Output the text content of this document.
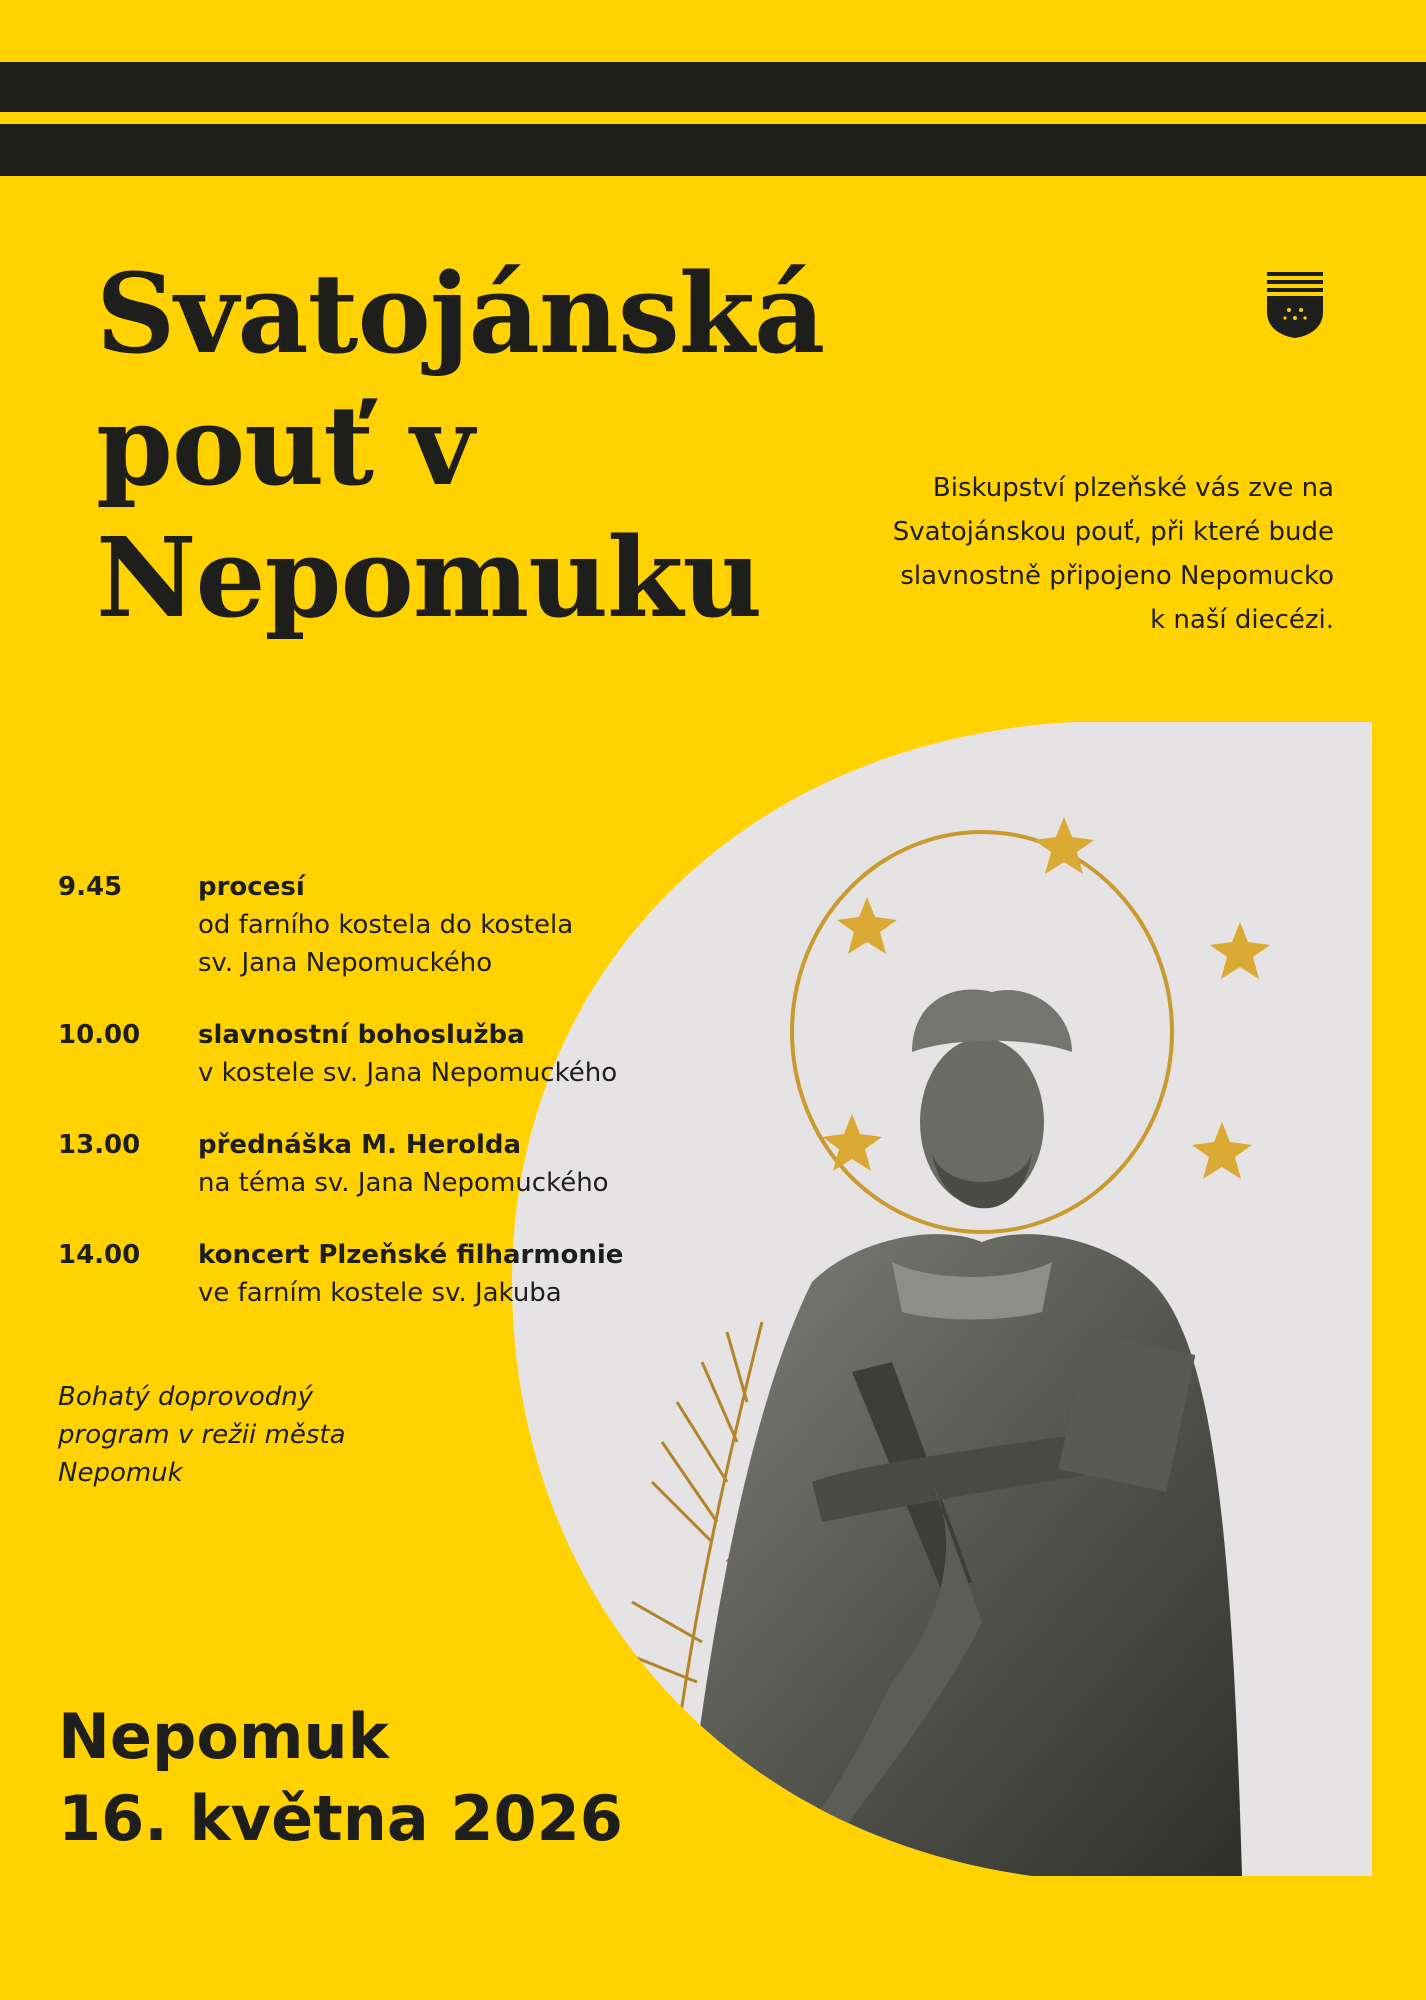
Svatojánská
pouť v
Nepomuku
Biskupství plzeňské vás zve na
Svatojánskou pouť, při které bude
slavnostně připojeno Nepomucko
k naší diecézi.
9.45	procesí
od farního kostela do kostela
sv. Jana Nepomuckého
10.00	slavnostní bohoslužba
v kostele sv. Jana Nepomuckého
13.00	přednáška M. Herolda
na téma sv. Jana Nepomuckého
14.00	koncert Plzeňské filharmonie
ve farním kostele sv. Jakuba
Bohatý doprovodný
program v režii města
Nepomuk
Nepomuk
16. května 2026
